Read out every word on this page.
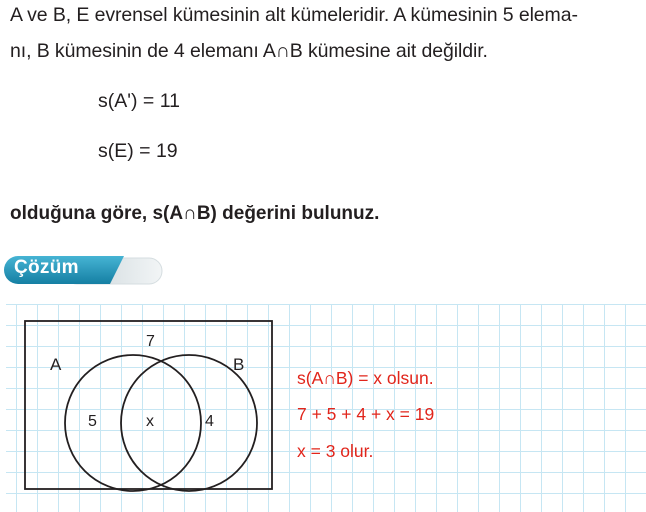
A ve B, E evrensel kümesinin alt kümeleridir. A kümesinin 5 elema-
nı, B kümesinin de 4 elemanı A∩B kümesine ait değildir.
s(A') = 11
s(E) = 19
olduğuna göre, s(A∩B) değerini bulunuz.
Çözüm
A	B
7
5	x	4
s(A∩B) = x olsun.
7 + 5 + 4 + x = 19
x = 3 olur.
